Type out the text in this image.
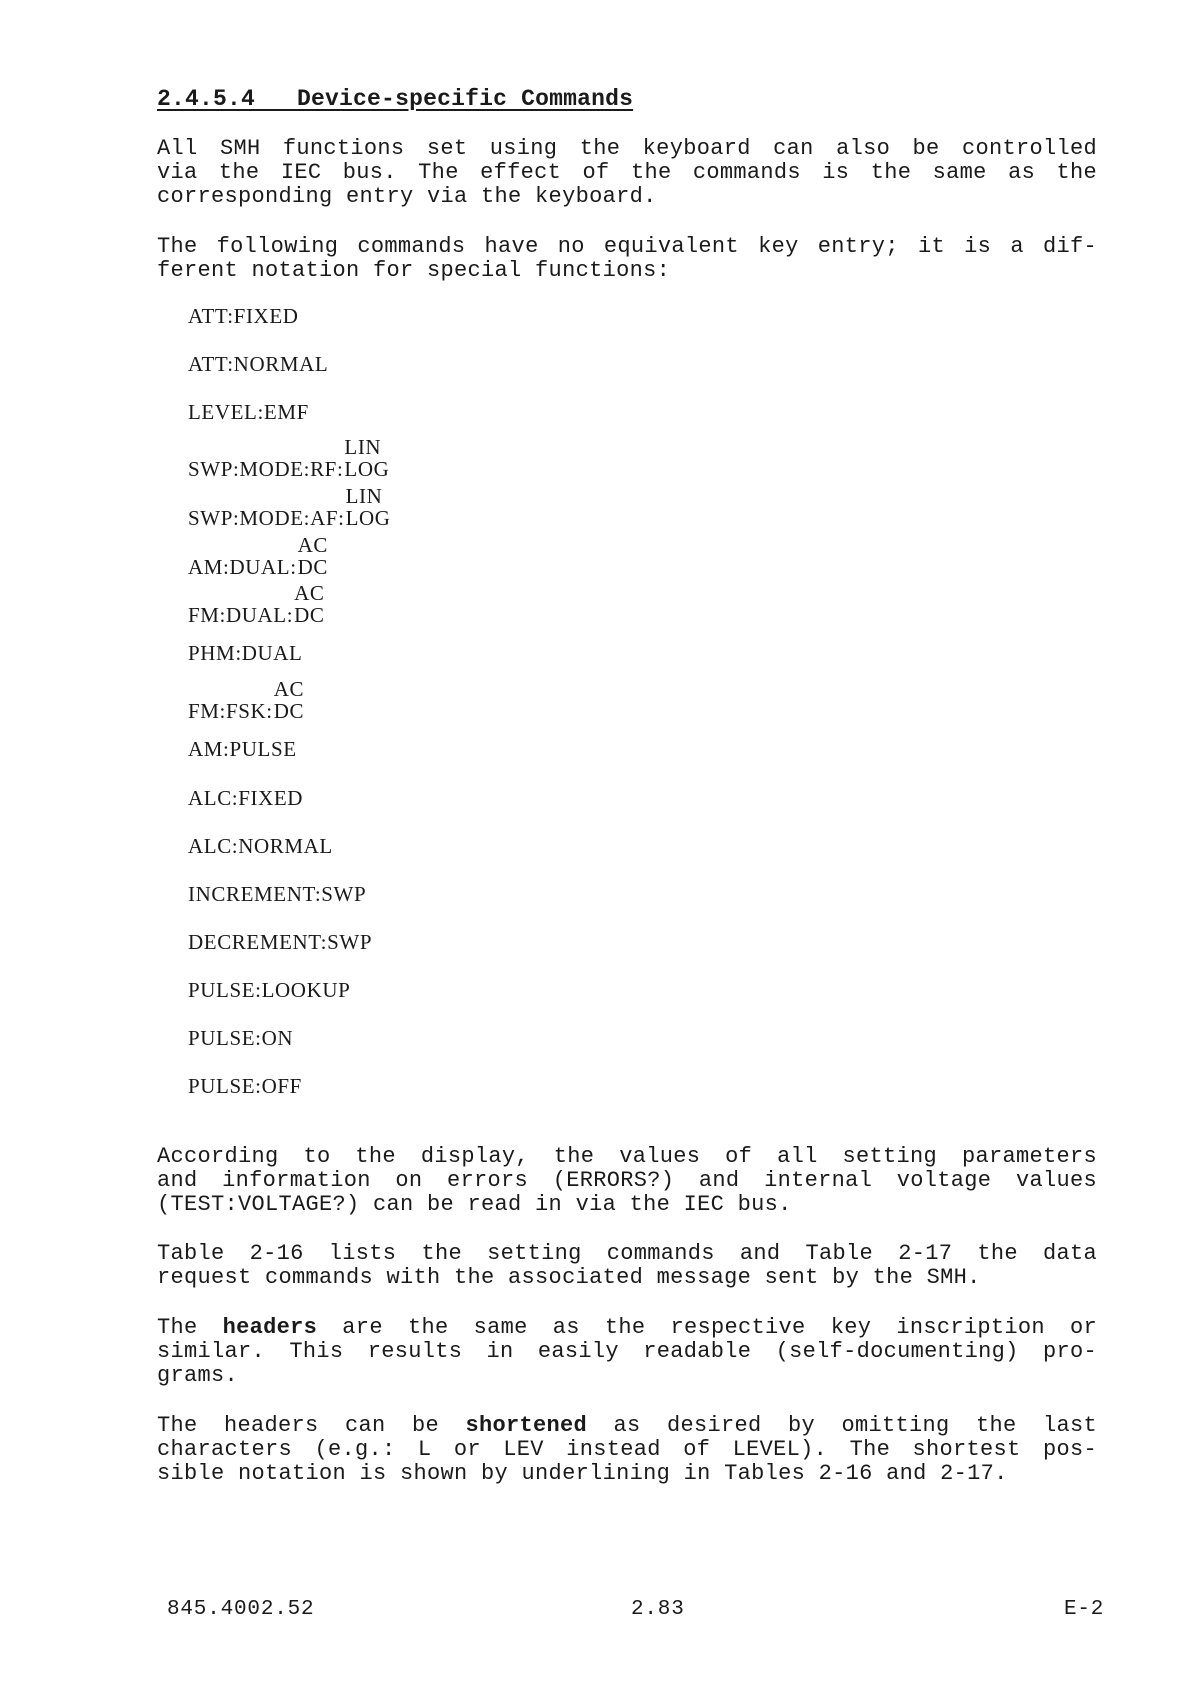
2.4.5.4 Device-specific Commands
All SMH functions set using the keyboard can also be controlled
via the IEC bus. The effect of the commands is the same as the
corresponding entry via the keyboard.
The following commands have no equivalent key entry; it is a dif-
ferent notation for special functions:
ATT:FIXED
ATT:NORMAL
LEVEL:EMF
SWP:MODE:RF:
LIN
LOG
SWP:MODE:AF:
LIN
LOG
AM:DUAL:
AC
DC
FM:DUAL:
AC
DC
PHM:DUAL
FM:FSK:
AC
DC
AM:PULSE
ALC:FIXED
ALC:NORMAL
INCREMENT:SWP
DECREMENT:SWP
PULSE:LOOKUP
PULSE:ON
PULSE:OFF
According to the display, the values of all setting parameters
and information on errors (ERRORS?) and internal voltage values
(TEST:VOLTAGE?) can be read in via the IEC bus.
Table 2-16 lists the setting commands and Table 2-17 the data
request commands with the associated message sent by the SMH.
The headers are the same as the respective key inscription or
similar. This results in easily readable (self-documenting) pro-
grams.
The headers can be shortened as desired by omitting the last
characters (e.g.: L or LEV instead of LEVEL). The shortest pos-
sible notation is shown by underlining in Tables 2-16 and 2-17.
845.4002.52	2.83	E-2
